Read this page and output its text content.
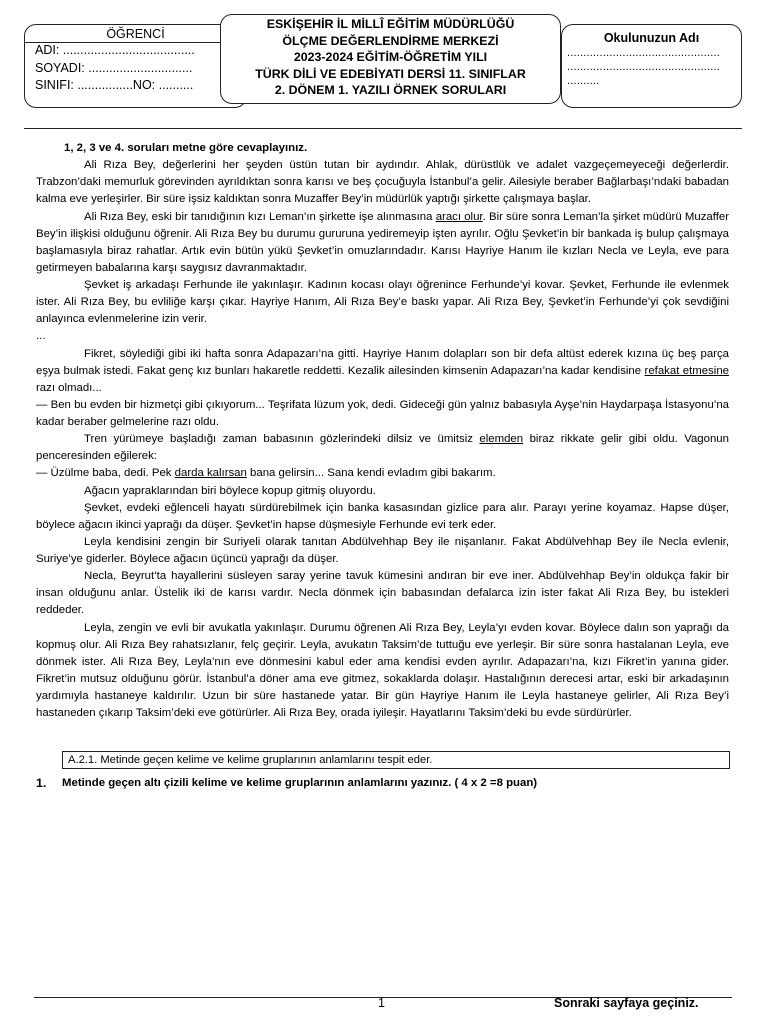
ÖĞRENCİ
ADI: ......................................
SOYADI: ..............................
SINIFI: ................NO: ..........
ESKİŞEHİR İL MİLLÎ EĞİTİM MÜDÜRLÜĞÜ
ÖLÇME DEĞERLENDİRME MERKEZİ
2023-2024 EĞİTİM-ÖĞRETİM YILI
TÜRK DİLİ VE EDEBİYATI DERSİ 11. SINIFLAR
2. DÖNEM 1. YAZILI ÖRNEK SORULARI
Okulunuzun Adı
...............................................
...............................................
..........

1, 2, 3 ve 4. soruları metne göre cevaplayınız.

Ali Rıza Bey, değerlerini her şeyden üstün tutan bir aydındır. Ahlak, dürüstlük ve adalet vazgeçemeyeceği değerlerdir. Trabzon’daki memurluk görevinden ayrıldıktan sonra karısı ve beş çocuğuyla İstanbul’a gelir. Ailesiyle beraber Bağlarbaşı’ndaki babadan kalma eve yerleşirler. Bir süre işsiz kaldıktan sonra Muzaffer Bey’in müdürlük yaptığı şirkette çalışmaya başlar.

Ali Rıza Bey, eski bir tanıdığının kızı Leman’ın şirkette işe alınmasına aracı olur. Bir süre sonra Leman’la şirket müdürü Muzaffer Bey’in ilişkisi olduğunu öğrenir. Ali Rıza Bey bu durumu gururuna yediremeyip işten ayrılır. Oğlu Şevket’in bir bankada iş bulup çalışmaya başlamasıyla biraz rahatlar. Artık evin bütün yükü Şevket’in omuzlarındadır. Karısı Hayriye Hanım ile kızları Necla ve Leyla, eve para getirmeyen babalarına karşı saygısız davranmaktadır.

Şevket iş arkadaşı Ferhunde ile yakınlaşır. Kadının kocası olayı öğrenince Ferhunde’yi kovar. Şevket, Ferhunde ile evlenmek ister. Ali Rıza Bey, bu evliliğe karşı çıkar. Hayriye Hanım, Ali Rıza Bey’e baskı yapar. Ali Rıza Bey, Şevket’in Ferhunde’yi çok sevdiğini anlayınca evlenmelerine izin verir.

...

Fikret, söylediği gibi iki hafta sonra Adapazarı’na gitti. Hayriye Hanım dolapları son bir defa altüst ederek kızına üç beş parça eşya bulmak istedi. Fakat genç kız bunları hakaretle reddetti. Kezalik ailesinden kimsenin Adapazarı’na kadar kendisine refakat etmesine razı olmadı...

— Ben bu evden bir hizmetçi gibi çıkıyorum... Teşrifata lüzum yok, dedi. Gideceği gün yalnız babasıyla Ayşe’nin Haydarpaşa İstasyonu’na kadar beraber gelmelerine razı oldu.

Tren yürümeye başladığı zaman babasının gözlerindeki dilsiz ve ümitsiz elemden biraz rikkate gelir gibi oldu. Vagonun penceresinden eğilerek:

— Üzülme baba, dedi. Pek darda kalırsan bana gelirsin... Sana kendi evladım gibi bakarım.

Ağacın yapraklarından biri böylece kopup gitmiş oluyordu.

Şevket, evdeki eğlenceli hayatı sürdürebilmek için banka kasasından gizlice para alır. Parayı yerine koyamaz. Hapse düşer, böylece ağacın ikinci yaprağı da düşer. Şevket’in hapse düşmesiyle Ferhunde evi terk eder.

Leyla kendisini zengin bir Suriyeli olarak tanıtan Abdülvehhap Bey ile nişanlanır. Fakat Abdülvehhap Bey ile Necla evlenir, Suriye’ye giderler. Böylece ağacın üçüncü yaprağı da düşer.

Necla, Beyrut’ta hayallerini süsleyen saray yerine tavuk kümesini andıran bir eve iner. Abdülvehhap Bey’in oldukça fakir bir insan olduğunu anlar. Üstelik iki de karısı vardır. Necla dönmek için babasından defalarca izin ister fakat Ali Rıza Bey, bu istekleri reddeder.

Leyla, zengin ve evli bir avukatla yakınlaşır. Durumu öğrenen Ali Rıza Bey, Leyla’yı evden kovar. Böylece dalın son yaprağı da kopmuş olur. Ali Rıza Bey rahatsızlanır, felç geçirir. Leyla, avukatın Taksim’de tuttuğu eve yerleşir. Bir süre sonra hastalanan Leyla, eve dönmek ister. Ali Rıza Bey, Leyla’nın eve dönmesini kabul eder ama kendisi evden ayrılır. Adapazarı’na, kızı Fikret’in yanına gider. Fikret’in mutsuz olduğunu görür. İstanbul’a döner ama eve gitmez, sokaklarda dolaşır. Hastalığının derecesi artar, eski bir arkadaşının yardımıyla hastaneye kaldırılır. Uzun bir süre hastanede yatar. Bir gün Hayriye Hanım ile Leyla hastaneye gelirler, Ali Rıza Bey’i hastaneden çıkarıp Taksim’deki eve götürürler. Ali Rıza Bey, orada iyileşir. Hayatlarını Taksim’deki bu evde sürdürürler.

A.2.1. Metinde geçen kelime ve kelime gruplarının anlamlarını tespit eder.
1. Metinde geçen altı çizili kelime ve kelime gruplarının anlamlarını yazınız. ( 4 x 2 =8 puan)
1	Sonraki sayfaya geçiniz.
